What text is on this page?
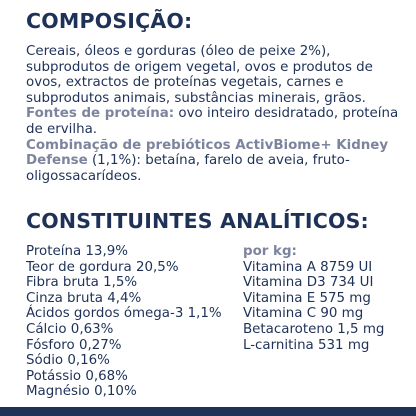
COMPOSIÇÃO:

Cereais, óleos e gorduras (óleo de peixe 2%), subprodutos de origem vegetal, ovos e produtos de ovos, extractos de proteínas vegetais, carnes e subprodutos animais, substâncias minerais, grãos.

Fontes de proteína: ovo inteiro desidratado, proteína de ervilha.

Combinação de prebióticos ActivBiome+ Kidney Defense (1,1%): betaína, farelo de aveia, fruto-oligossacarídeos.

CONSTITUINTES ANALÍTICOS:
Proteína 13,9%
Teor de gordura 20,5%
Fibra bruta 1,5%
Cinza bruta 4,4%
Ácidos gordos ómega-3 1,1%
Cálcio 0,63%
Fósforo 0,27%
Sódio 0,16%
Potássio 0,68%
Magnésio 0,10%
por kg:
Vitamina A 8759 UI
Vitamina D3 734 UI
Vitamina E 575 mg
Vitamina C 90 mg
Betacaroteno 1,5 mg
L-carnitina 531 mg
